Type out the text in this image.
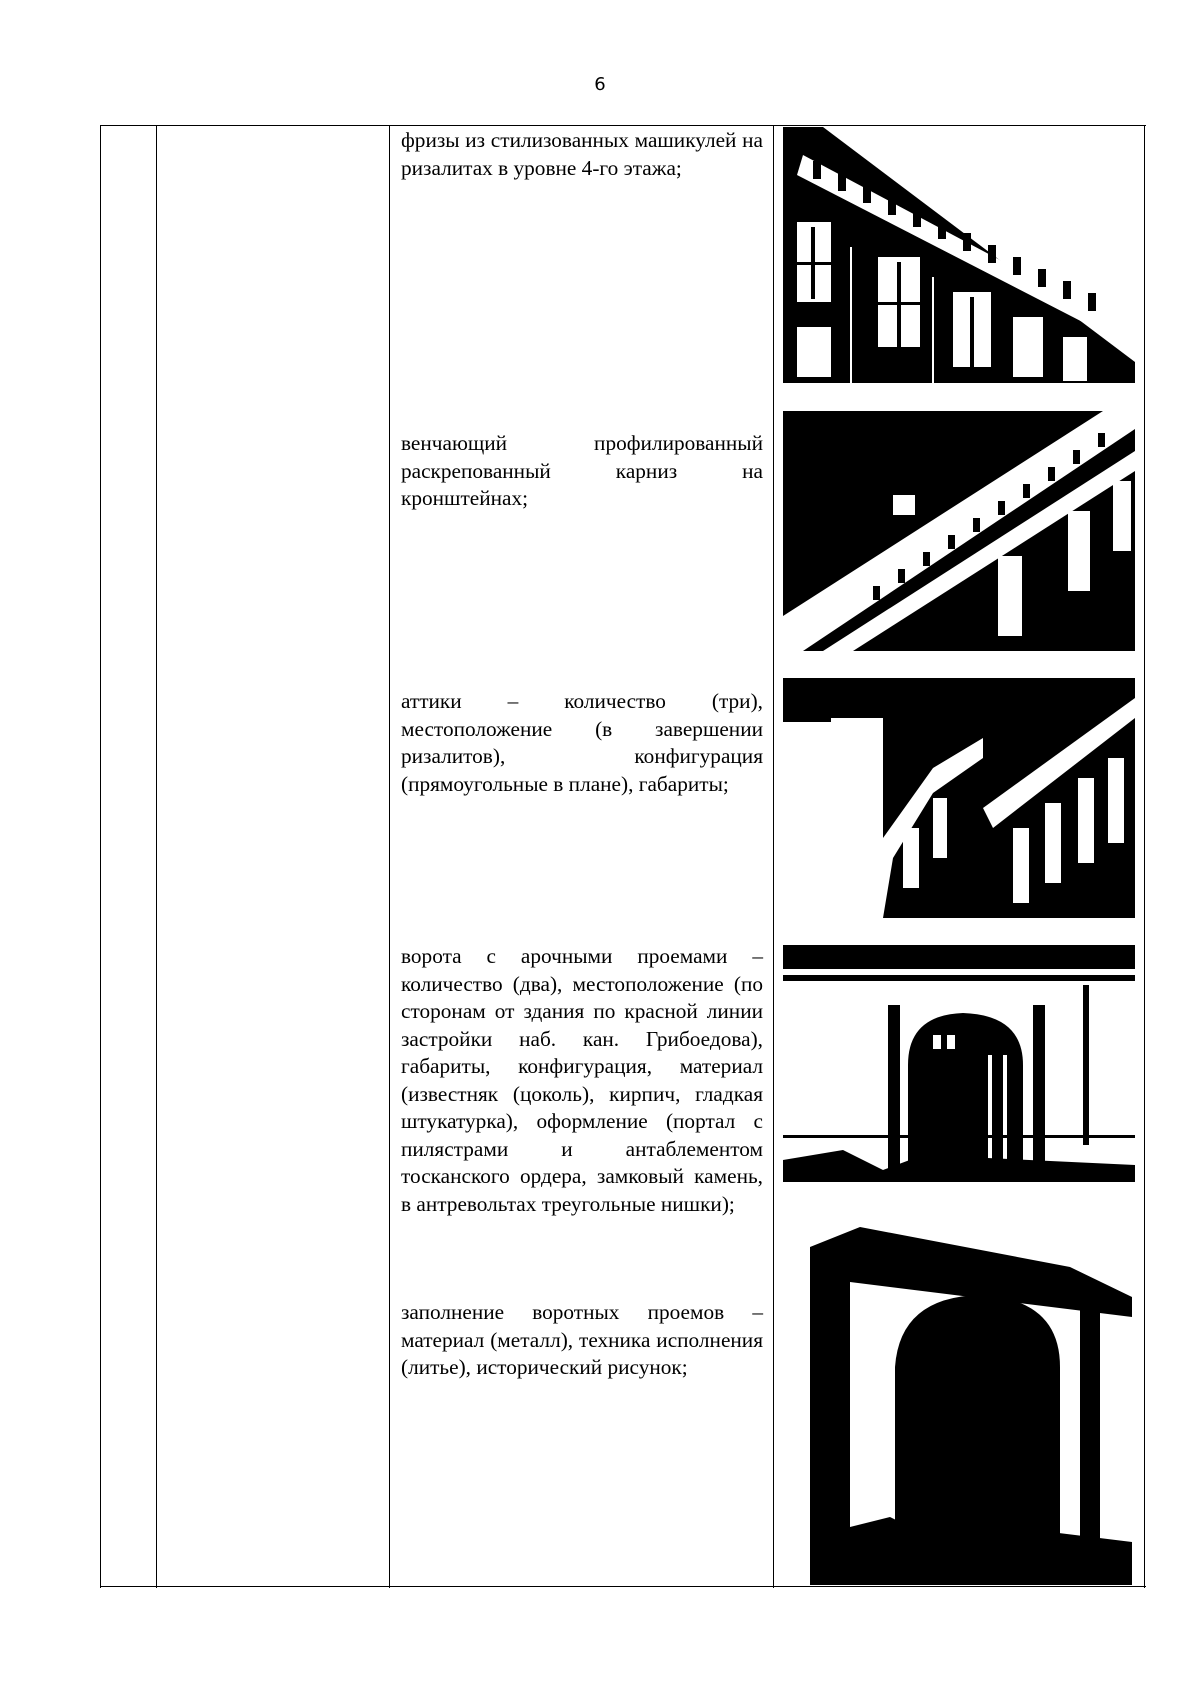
6
фризы из стилизованных машикулей на ризалитах в уровне 4-го этажа;
венчающий профилированный раскрепованный карниз на кронштейнах;
аттики – количество (три), местоположение (в завершении ризалитов), конфигурация (прямоугольные в плане), габариты;
ворота с арочными проемами – количество (два), местоположение (по сторонам от здания по красной линии застройки наб. кан. Грибоедова), габариты, конфигурация, материал (известняк (цоколь), кирпич, гладкая штукатурка), оформление (портал с пилястрами и антаблементом тосканского ордера, замковый камень, в антревольтах треугольные нишки);
заполнение воротных проемов – материал (металл), техника исполнения (литье), исторический рисунок;
